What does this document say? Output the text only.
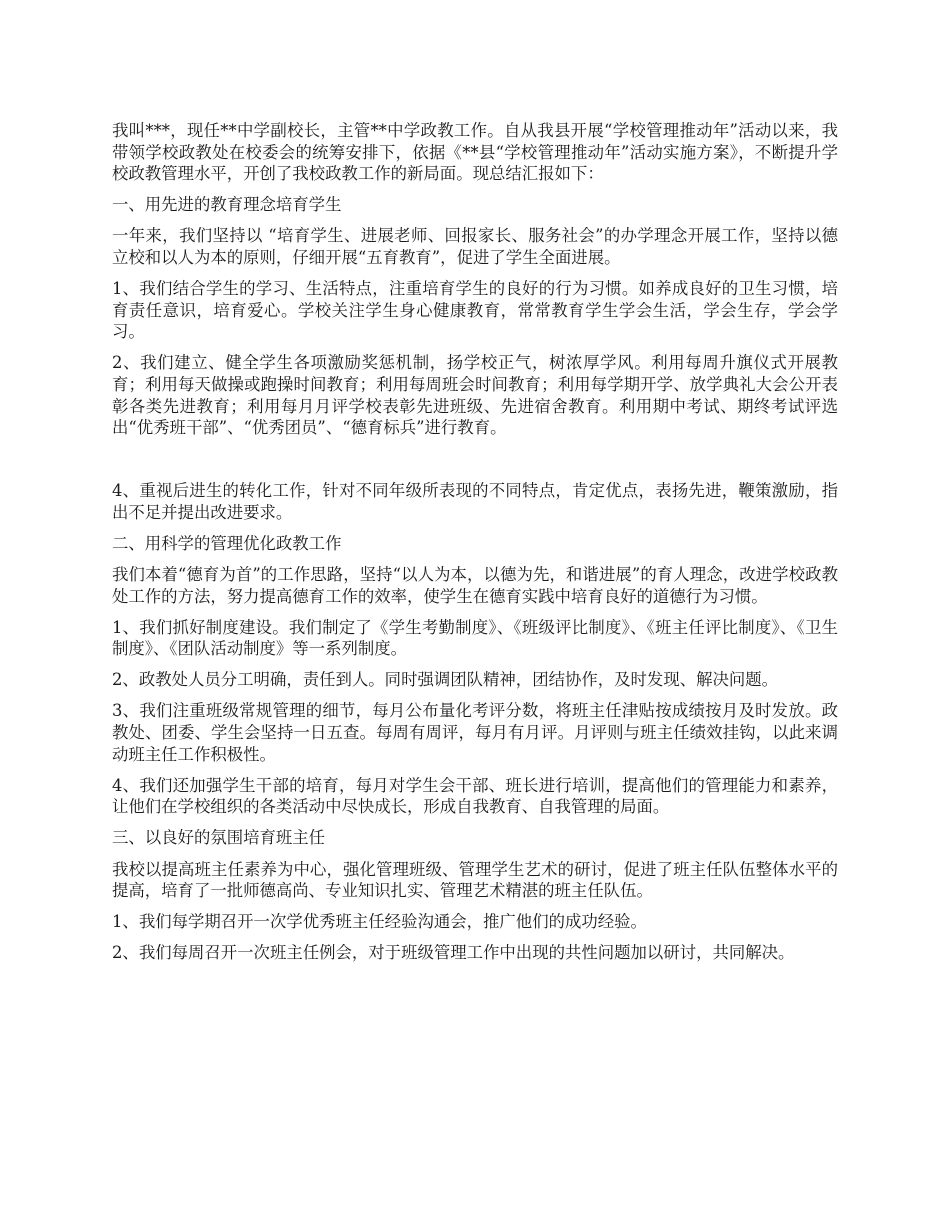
我叫***，现任**中学副校长，主管**中学政教工作。自从我县开展“学校管理推动年”活动以来，我带领学校政教处在校委会的统筹安排下，依据《**县“学校管理推动年”活动实施方案》，不断提升学校政教管理水平，开创了我校政教工作的新局面。现总结汇报如下：

一、用先进的教育理念培育学生

一年来，我们坚持以 “培育学生、进展老师、回报家长、服务社会”的办学理念开展工作，坚持以德立校和以人为本的原则，仔细开展“五育教育”，促进了学生全面进展。

1、我们结合学生的学习、生活特点，注重培育学生的良好的行为习惯。如养成良好的卫生习惯，培育责任意识，培育爱心。学校关注学生身心健康教育，常常教育学生学会生活，学会生存，学会学习。

2、我们建立、健全学生各项激励奖惩机制，扬学校正气，树浓厚学风。利用每周升旗仪式开展教育；利用每天做操或跑操时间教育；利用每周班会时间教育；利用每学期开学、放学典礼大会公开表彰各类先进教育；利用每月月评学校表彰先进班级、先进宿舍教育。利用期中考试、期终考试评选出“优秀班干部”、“优秀团员”、“德育标兵”进行教育。

4、重视后进生的转化工作，针对不同年级所表现的不同特点，肯定优点，表扬先进，鞭策激励，指出不足并提出改进要求。

二、用科学的管理优化政教工作

我们本着“德育为首”的工作思路，坚持“以人为本，以德为先，和谐进展”的育人理念，改进学校政教处工作的方法，努力提高德育工作的效率，使学生在德育实践中培育良好的道德行为习惯。

1、我们抓好制度建设。我们制定了《学生考勤制度》、《班级评比制度》、《班主任评比制度》、《卫生制度》、《团队活动制度》等一系列制度。

2、政教处人员分工明确，责任到人。同时强调团队精神，团结协作，及时发现、解决问题。

3、我们注重班级常规管理的细节，每月公布量化考评分数，将班主任津贴按成绩按月及时发放。政教处、团委、学生会坚持一日五查。每周有周评，每月有月评。月评则与班主任绩效挂钩，以此来调动班主任工作积极性。

4、我们还加强学生干部的培育，每月对学生会干部、班长进行培训，提高他们的管理能力和素养，让他们在学校组织的各类活动中尽快成长，形成自我教育、自我管理的局面。

三、以良好的氛围培育班主任

我校以提高班主任素养为中心，强化管理班级、管理学生艺术的研讨，促进了班主任队伍整体水平的提高，培育了一批师德高尚、专业知识扎实、管理艺术精湛的班主任队伍。

1、我们每学期召开一次学优秀班主任经验沟通会，推广他们的成功经验。

2、我们每周召开一次班主任例会，对于班级管理工作中出现的共性问题加以研讨，共同解决。
